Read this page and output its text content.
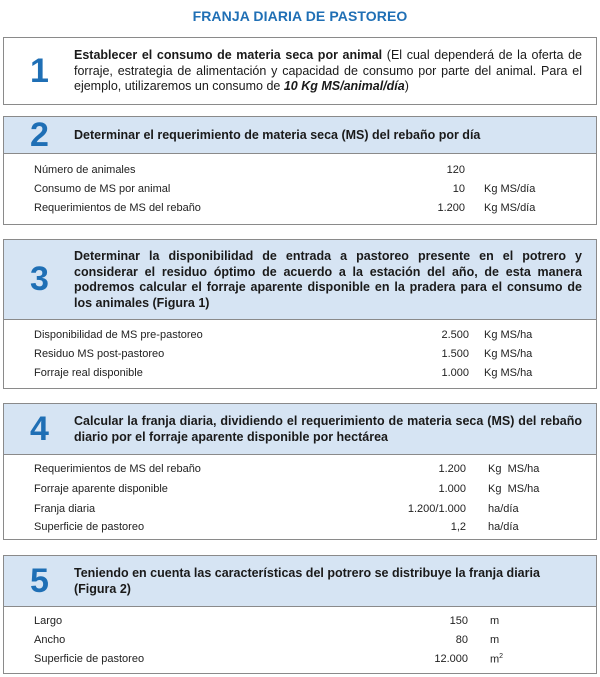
FRANJA DIARIA DE PASTOREO
1 Establecer el consumo de materia seca por animal (El cual dependerá de la oferta de forraje, estrategia de alimentación y capacidad de consumo por parte del animal. Para el ejemplo, utilizaremos un consumo de 10 Kg MS/animal/día)
2 Determinar el requerimiento de materia seca (MS) del rebaño por día
Número de animales	120
Consumo de MS por animal	10 Kg MS/día
Requerimientos de MS del rebaño	1.200 Kg MS/día
3
Determinar la disponibilidad de entrada a pastoreo presente en el potrero y considerar el residuo óptimo de acuerdo a la estación del año, de esta manera podremos calcular el forraje aparente disponible en la pradera para el consumo de los animales (Figura 1)
Disponibilidad de MS pre-pastoreo	2.500 Kg MS/ha
Residuo MS post-pastoreo	1.500 Kg MS/ha
Forraje real disponible	1.000 Kg MS/ha
4 Calcular la franja diaria, dividiendo el requerimiento de materia seca (MS) del rebaño diario por el forraje aparente disponible por hectárea
Requerimientos de MS del rebaño	1.200 Kg  MS/ha
Forraje aparente disponible	1.000 Kg  MS/ha
Franja diaria	1.200/1.000 ha/día
Superficie de pastoreo	1,2 ha/día
5 Teniendo en cuenta las características del potrero se distribuye la franja diaria (Figura 2)
Largo	150 m
Ancho	80 m
Superficie de pastoreo	12.000 $m^2$
